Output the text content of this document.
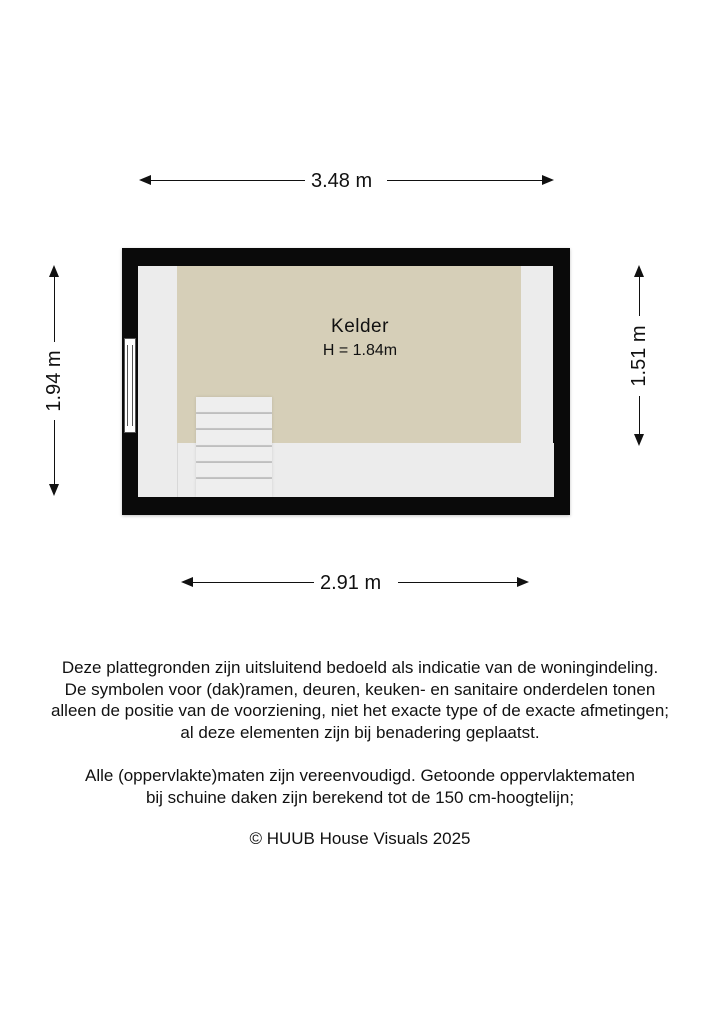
3.48 m
1.94 m	1.51 m
Kelder
H = 1.84m
2.91 m
Deze plattegronden zijn uitsluitend bedoeld als indicatie van de woningindeling.
De symbolen voor (dak)ramen, deuren, keuken- en sanitaire onderdelen tonen
alleen de positie van de voorziening, niet het exacte type of de exacte afmetingen;
al deze elementen zijn bij benadering geplaatst.
Alle (oppervlakte)maten zijn vereenvoudigd. Getoonde oppervlaktematen
bij schuine daken zijn berekend tot de 150 cm-hoogtelijn;
© HUUB House Visuals 2025
